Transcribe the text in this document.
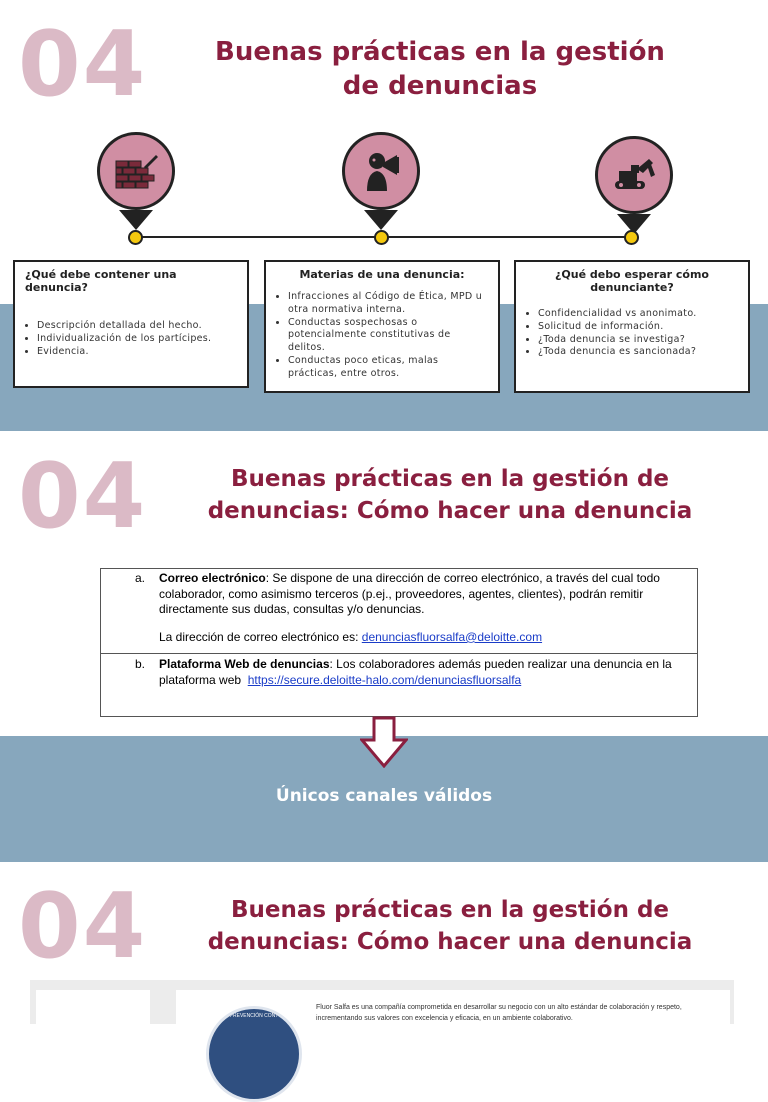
04	Buenas prácticas en la gestión
de denuncias
¿Qué debe contener una denuncia?
• Descripción detallada del hecho.
• Individualización de los partícipes.
• Evidencia.
Materias de una denuncia:
• Infracciones al Código de Ética, MPD u otra normativa interna.
• Conductas sospechosas o potencialmente constitutivas de delitos.
• Conductas poco eticas, malas prácticas, entre otros.
¿Qué debo esperar cómo denunciante?
• Confidencialidad vs anonimato.
• Solicitud de información.
• ¿Toda denuncia se investiga?
• ¿Toda denuncia es sancionada?
04	Buenas prácticas en la gestión de
denuncias: Cómo hacer una denuncia
a. Correo electrónico: Se dispone de una dirección de correo electrónico, a través del cual todo colaborador, como asimismo terceros (p.ej., proveedores, agentes, clientes), podrán remitir directamente sus dudas, consultas y/o denuncias.
La dirección de correo electrónico es: denunciasfluorsalfa@deloitte.com
b. Plataforma Web de denuncias: Los colaboradores además pueden realizar una denuncia en la plataforma web https://secure.deloitte-halo.com/denunciasfluorsalfa
Únicos canales válidos
04	Buenas prácticas en la gestión de
denuncias: Cómo hacer una denuncia
PREVENCIÓN CONT
Fluor Salfa es una compañía comprometida en desarrollar su negocio con un alto estándar de colaboración y respeto,
incrementando sus valores con excelencia y eficacia, en un ambiente colaborativo.
